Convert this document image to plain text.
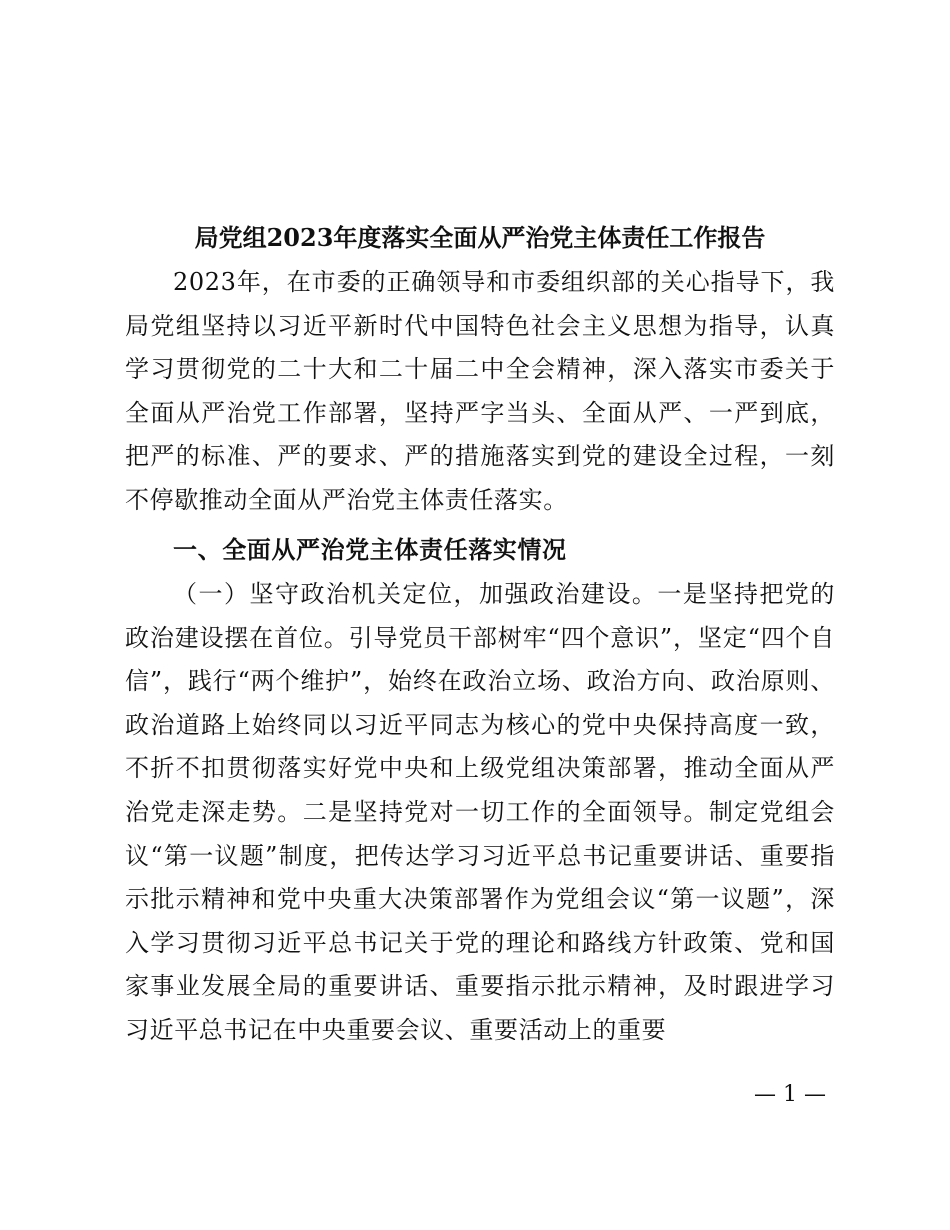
局党组2023年度落实全面从严治党主体责任工作报告
2023年，在市委的正确领导和市委组织部的关心指导下，我局党组坚持以习近平新时代中国特色社会主义思想为指导，认真学习贯彻党的二十大和二十届二中全会精神，深入落实市委关于全面从严治党工作部署，坚持严字当头、全面从严、一严到底，把严的标准、严的要求、严的措施落实到党的建设全过程，一刻不停歇推动全面从严治党主体责任落实。
一、全面从严治党主体责任落实情况
（一）坚守政治机关定位，加强政治建设。一是坚持把党的政治建设摆在首位。引导党员干部树牢“四个意识”，坚定“四个自信”，践行“两个维护”，始终在政治立场、政治方向、政治原则、政治道路上始终同以习近平同志为核心的党中央保持高度一致，不折不扣贯彻落实好党中央和上级党组决策部署，推动全面从严治党走深走势。二是坚持党对一切工作的全面领导。制定党组会议“第一议题”制度，把传达学习习近平总书记重要讲话、重要指示批示精神和党中央重大决策部署作为党组会议“第一议题”，深入学习贯彻习近平总书记关于党的理论和路线方针政策、党和国家事业发展全局的重要讲话、重要指示批示精神，及时跟进学习习近平总书记在中央重要会议、重要活动上的重要
— 1 —
